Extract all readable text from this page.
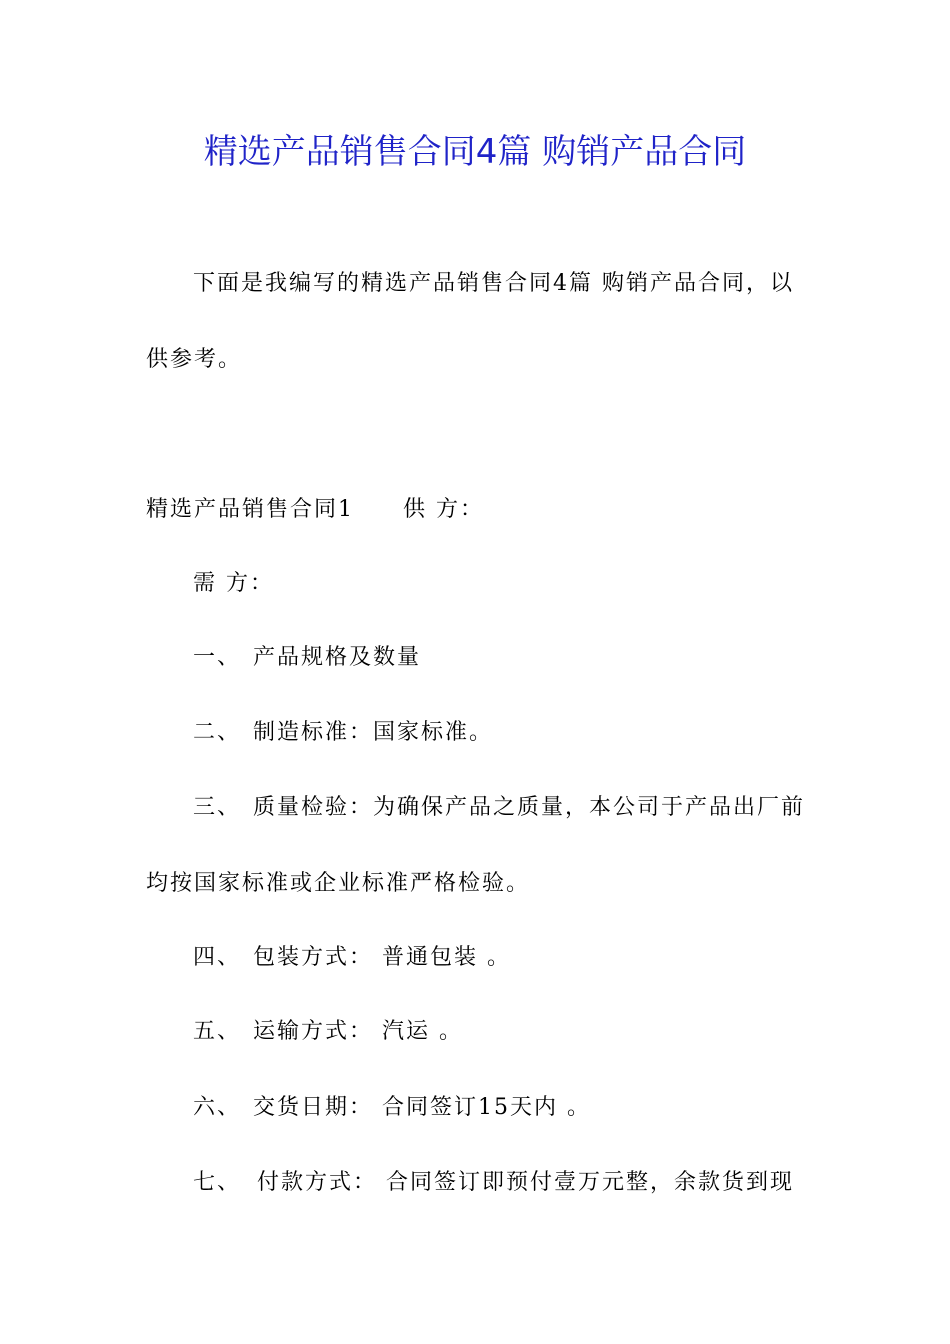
精选产品销售合同4篇 购销产品合同
下面是我编写的精选产品销售合同4篇 购销产品合同，以
供参考。
精选产品销售合同1 供 方：
需 方：
一、 产品规格及数量
二、 制造标准：国家标准。
三、 质量检验：为确保产品之质量，本公司于产品出厂前
均按国家标准或企业标准严格检验。
四、 包装方式： 普通包装 。
五、 运输方式： 汽运 。
六、 交货日期： 合同签订15天内 。
七、 付款方式： 合同签订即预付壹万元整，余款货到现
